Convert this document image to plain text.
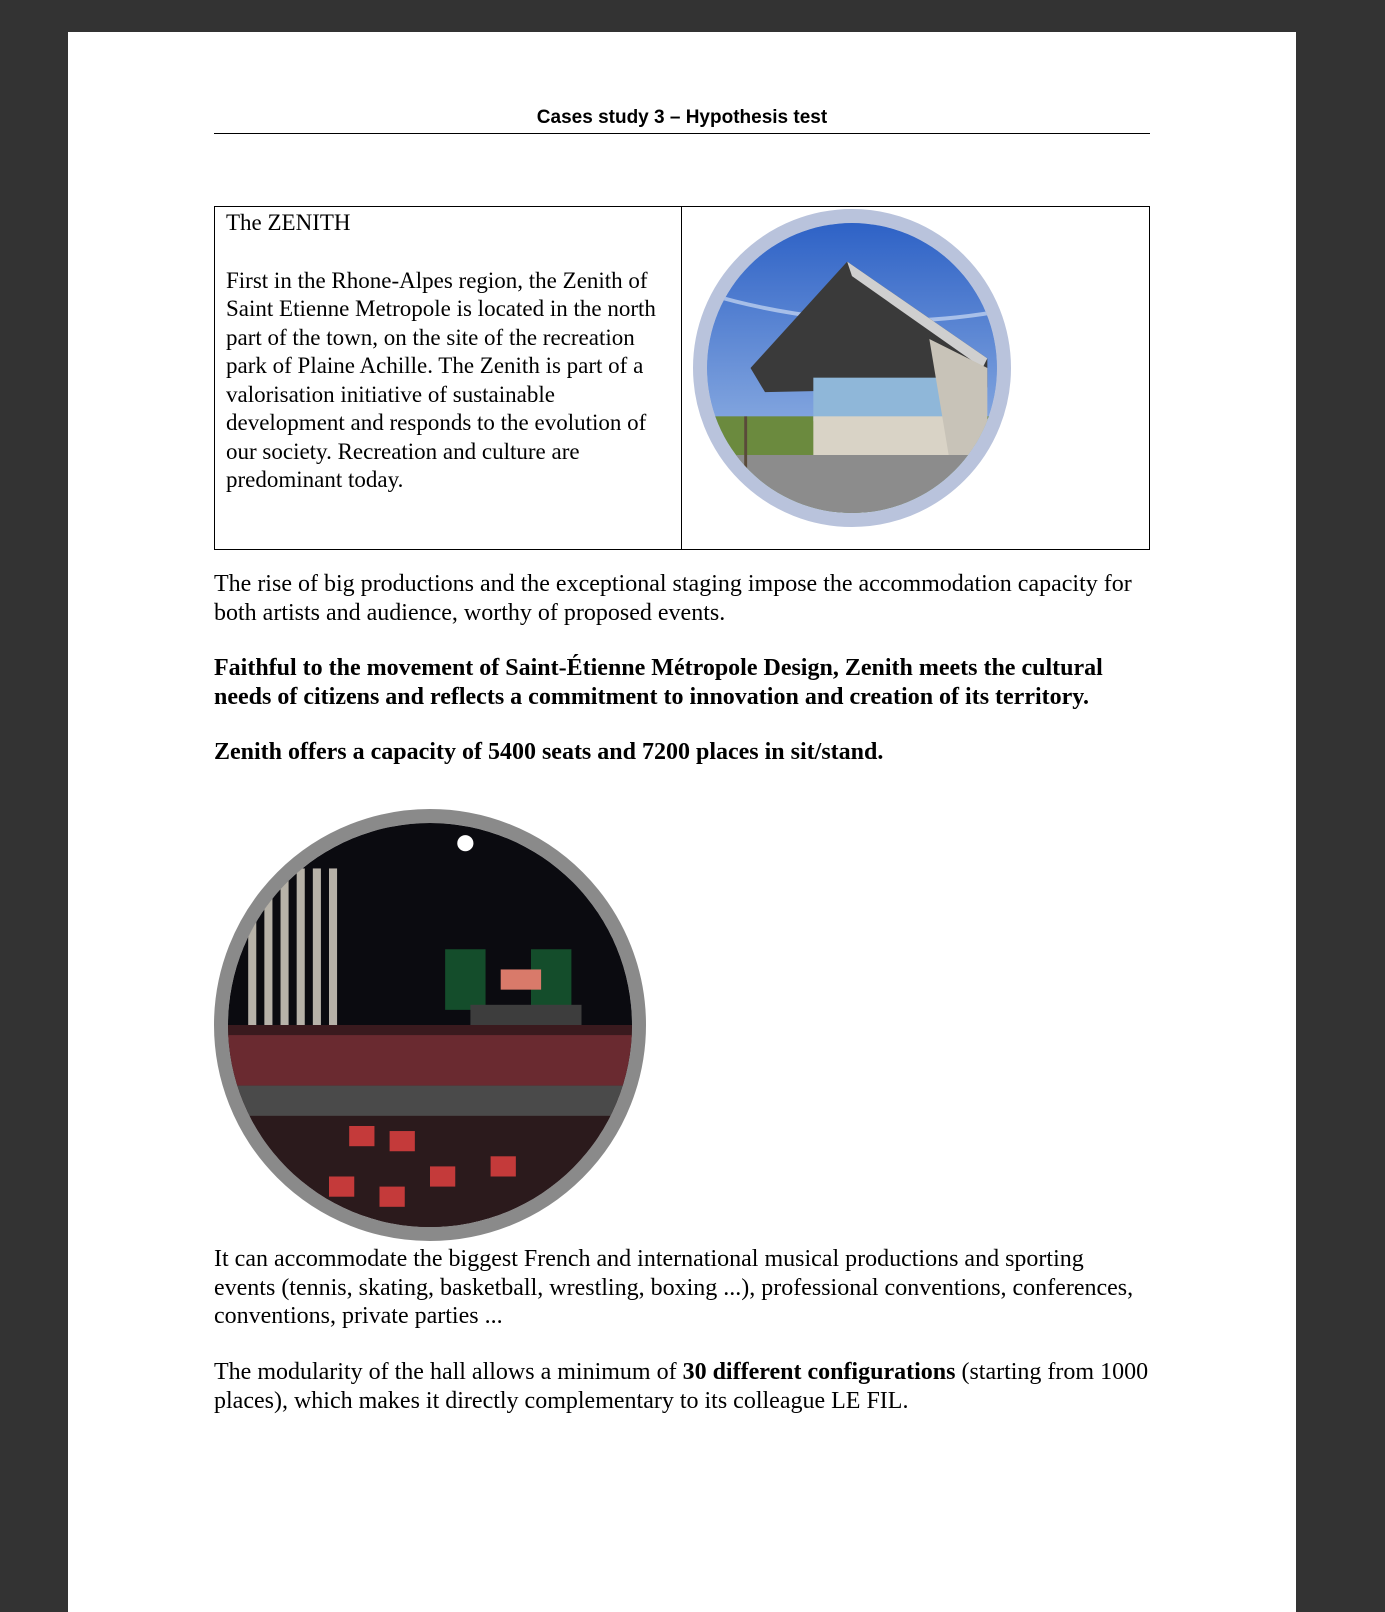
Cases study 3 – Hypothesis test

The ZENITH

First in the Rhone-Alpes region, the Zenith of Saint Etienne Metropole is located in the north part of the town, on the site of the recreation park of Plaine Achille. The Zenith is part of a valorisation initiative of sustainable development and responds to the evolution of our society. Recreation and culture are predominant today.

The rise of big productions and the exceptional staging impose the accommodation capacity for both artists and audience, worthy of proposed events.

Faithful to the movement of Saint-Étienne Métropole Design, Zenith meets the cultural needs of citizens and reflects a commitment to innovation and creation of its territory.

Zenith offers a capacity of 5400 seats and 7200 places in sit/stand.

It can accommodate the biggest French and international musical productions and sporting events (tennis, skating, basketball, wrestling, boxing ...), professional conventions, conferences, conventions, private parties ...

The modularity of the hall allows a minimum of 30 different configurations (starting from 1000 places), which makes it directly complementary to its colleague LE FIL.
